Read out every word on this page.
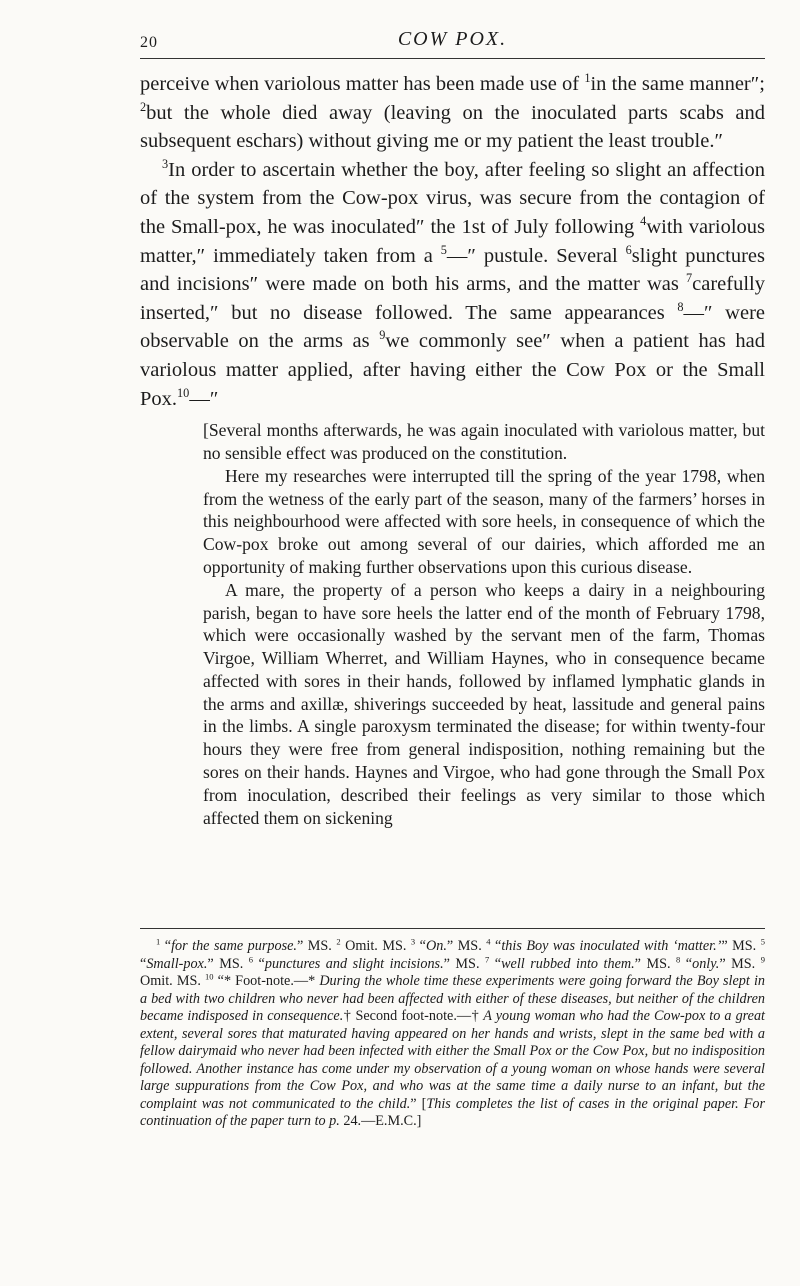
20	COW POX.

perceive when variolous matter has been made use of $^1$in the same manner″; $^2$but the whole died away (leaving on the inoculated parts scabs and subsequent eschars) without giving me or my patient the least trouble.″

$^3$In order to ascertain whether the boy, after feeling so slight an affection of the system from the Cow-pox virus, was secure from the contagion of the Small-pox, he was inoculated″ the 1st of July following $^4$with variolous matter,″ immediately taken from a $^5$—″ pustule. Several $^6$slight punctures and incisions″ were made on both his arms, and the matter was $^7$carefully inserted,″ but no disease followed. The same appearances $^8$—″ were observable on the arms as $^9$we commonly see″ when a patient has had variolous matter applied, after having either the Cow Pox or the Small Pox.$^{10}$—″

[Several months afterwards, he was again inoculated with variolous matter, but no sensible effect was produced on the constitution.

Here my researches were interrupted till the spring of the year 1798, when from the wetness of the early part of the season, many of the farmers’ horses in this neighbourhood were affected with sore heels, in consequence of which the Cow-pox broke out among several of our dairies, which afforded me an opportunity of making further observations upon this curious disease.

A mare, the property of a person who keeps a dairy in a neighbouring parish, began to have sore heels the latter end of the month of February 1798, which were occasionally washed by the servant men of the farm, Thomas Virgoe, William Wherret, and William Haynes, who in consequence became affected with sores in their hands, followed by inflamed lymphatic glands in the arms and axillæ, shiverings succeeded by heat, lassitude and general pains in the limbs. A single paroxysm terminated the disease; for within twenty-four hours they were free from general indisposition, nothing remaining but the sores on their hands. Haynes and Virgoe, who had gone through the Small Pox from inoculation, described their feelings as very similar to those which affected them on sickening

$^1$ “for the same purpose.” MS. $^2$ Omit. MS. $^3$ “On.” MS. $^4$ “this Boy was inoculated with ‘matter.’” MS. $^5$ “Small-pox.” MS. $^6$ “punctures and slight incisions.” MS. $^7$ “well rubbed into them.” MS. $^8$ “only.” MS. $^9$ Omit. MS. $^{10}$ “* Foot-note.—* During the whole time these experiments were going forward the Boy slept in a bed with two children who never had been affected with either of these diseases, but neither of the children became indisposed in consequence.† Second foot-note.—† A young woman who had the Cow-pox to a great extent, several sores that maturated having appeared on her hands and wrists, slept in the same bed with a fellow dairymaid who never had been infected with either the Small Pox or the Cow Pox, but no indisposition followed. Another instance has come under my observation of a young woman on whose hands were several large suppurations from the Cow Pox, and who was at the same time a daily nurse to an infant, but the complaint was not communicated to the child.” [This completes the list of cases in the original paper. For continuation of the paper turn to p. 24.—E.M.C.]
